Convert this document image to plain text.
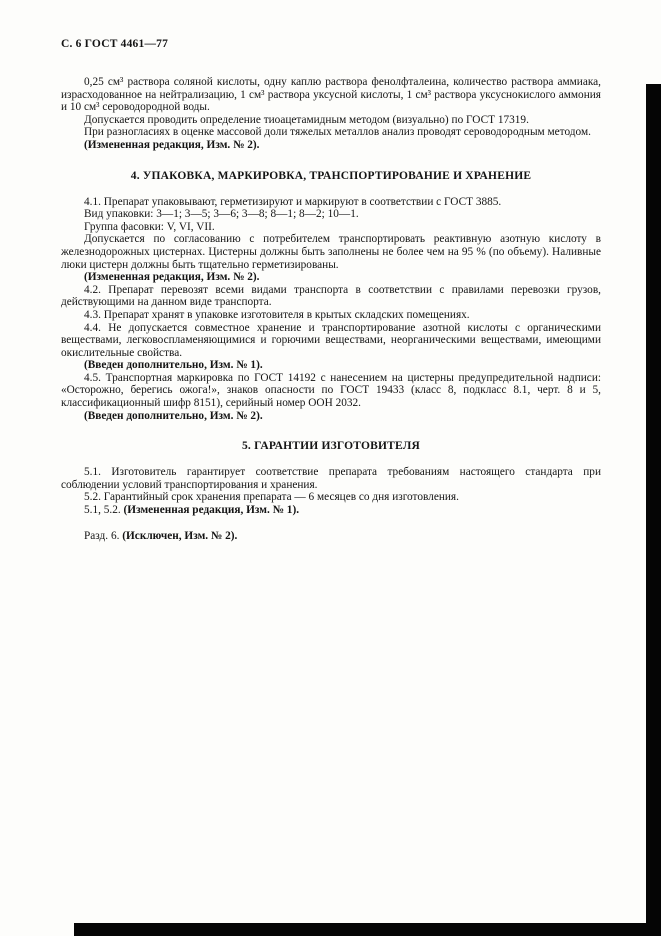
С. 6 ГОСТ 4461—77

0,25 см³ раствора соляной кислоты, одну каплю раствора фенолфталеина, количество раствора аммиака, израсходованное на нейтрализацию, 1 см³ раствора уксусной кислоты, 1 см³ раствора уксуснокислого аммония и 10 см³ сероводородной воды.

Допускается проводить определение тиоацетамидным методом (визуально) по ГОСТ 17319.

При разногласиях в оценке массовой доли тяжелых металлов анализ проводят сероводородным методом.

(Измененная редакция, Изм. № 2).

4. УПАКОВКА, МАРКИРОВКА, ТРАНСПОРТИРОВАНИЕ И ХРАНЕНИЕ

4.1. Препарат упаковывают, герметизируют и маркируют в соответствии с ГОСТ 3885.

Вид упаковки: 3—1; 3—5; 3—6; 3—8; 8—1; 8—2; 10—1.

Группа фасовки: V, VI, VII.

Допускается по согласованию с потребителем транспортировать реактивную азотную кислоту в железнодорожных цистернах. Цистерны должны быть заполнены не более чем на 95 % (по объему). Наливные люки цистерн должны быть тщательно герметизированы.

(Измененная редакция, Изм. № 2).

4.2. Препарат перевозят всеми видами транспорта в соответствии с правилами перевозки грузов, действующими на данном виде транспорта.

4.3. Препарат хранят в упаковке изготовителя в крытых складских помещениях.

4.4. Не допускается совместное хранение и транспортирование азотной кислоты с органическими веществами, легковоспламеняющимися и горючими веществами, неорганическими веществами, имеющими окислительные свойства.

(Введен дополнительно, Изм. № 1).

4.5. Транспортная маркировка по ГОСТ 14192 с нанесением на цистерны предупредительной надписи: «Осторожно, берегись ожога!», знаков опасности по ГОСТ 19433 (класс 8, подкласс 8.1, черт. 8 и 5, классификационный шифр 8151), серийный номер ООН 2032.

(Введен дополнительно, Изм. № 2).

5. ГАРАНТИИ ИЗГОТОВИТЕЛЯ

5.1. Изготовитель гарантирует соответствие препарата требованиям настоящего стандарта при соблюдении условий транспортирования и хранения.

5.2. Гарантийный срок хранения препарата — 6 месяцев со дня изготовления.

5.1, 5.2. (Измененная редакция, Изм. № 1).

Разд. 6. (Исключен, Изм. № 2).
